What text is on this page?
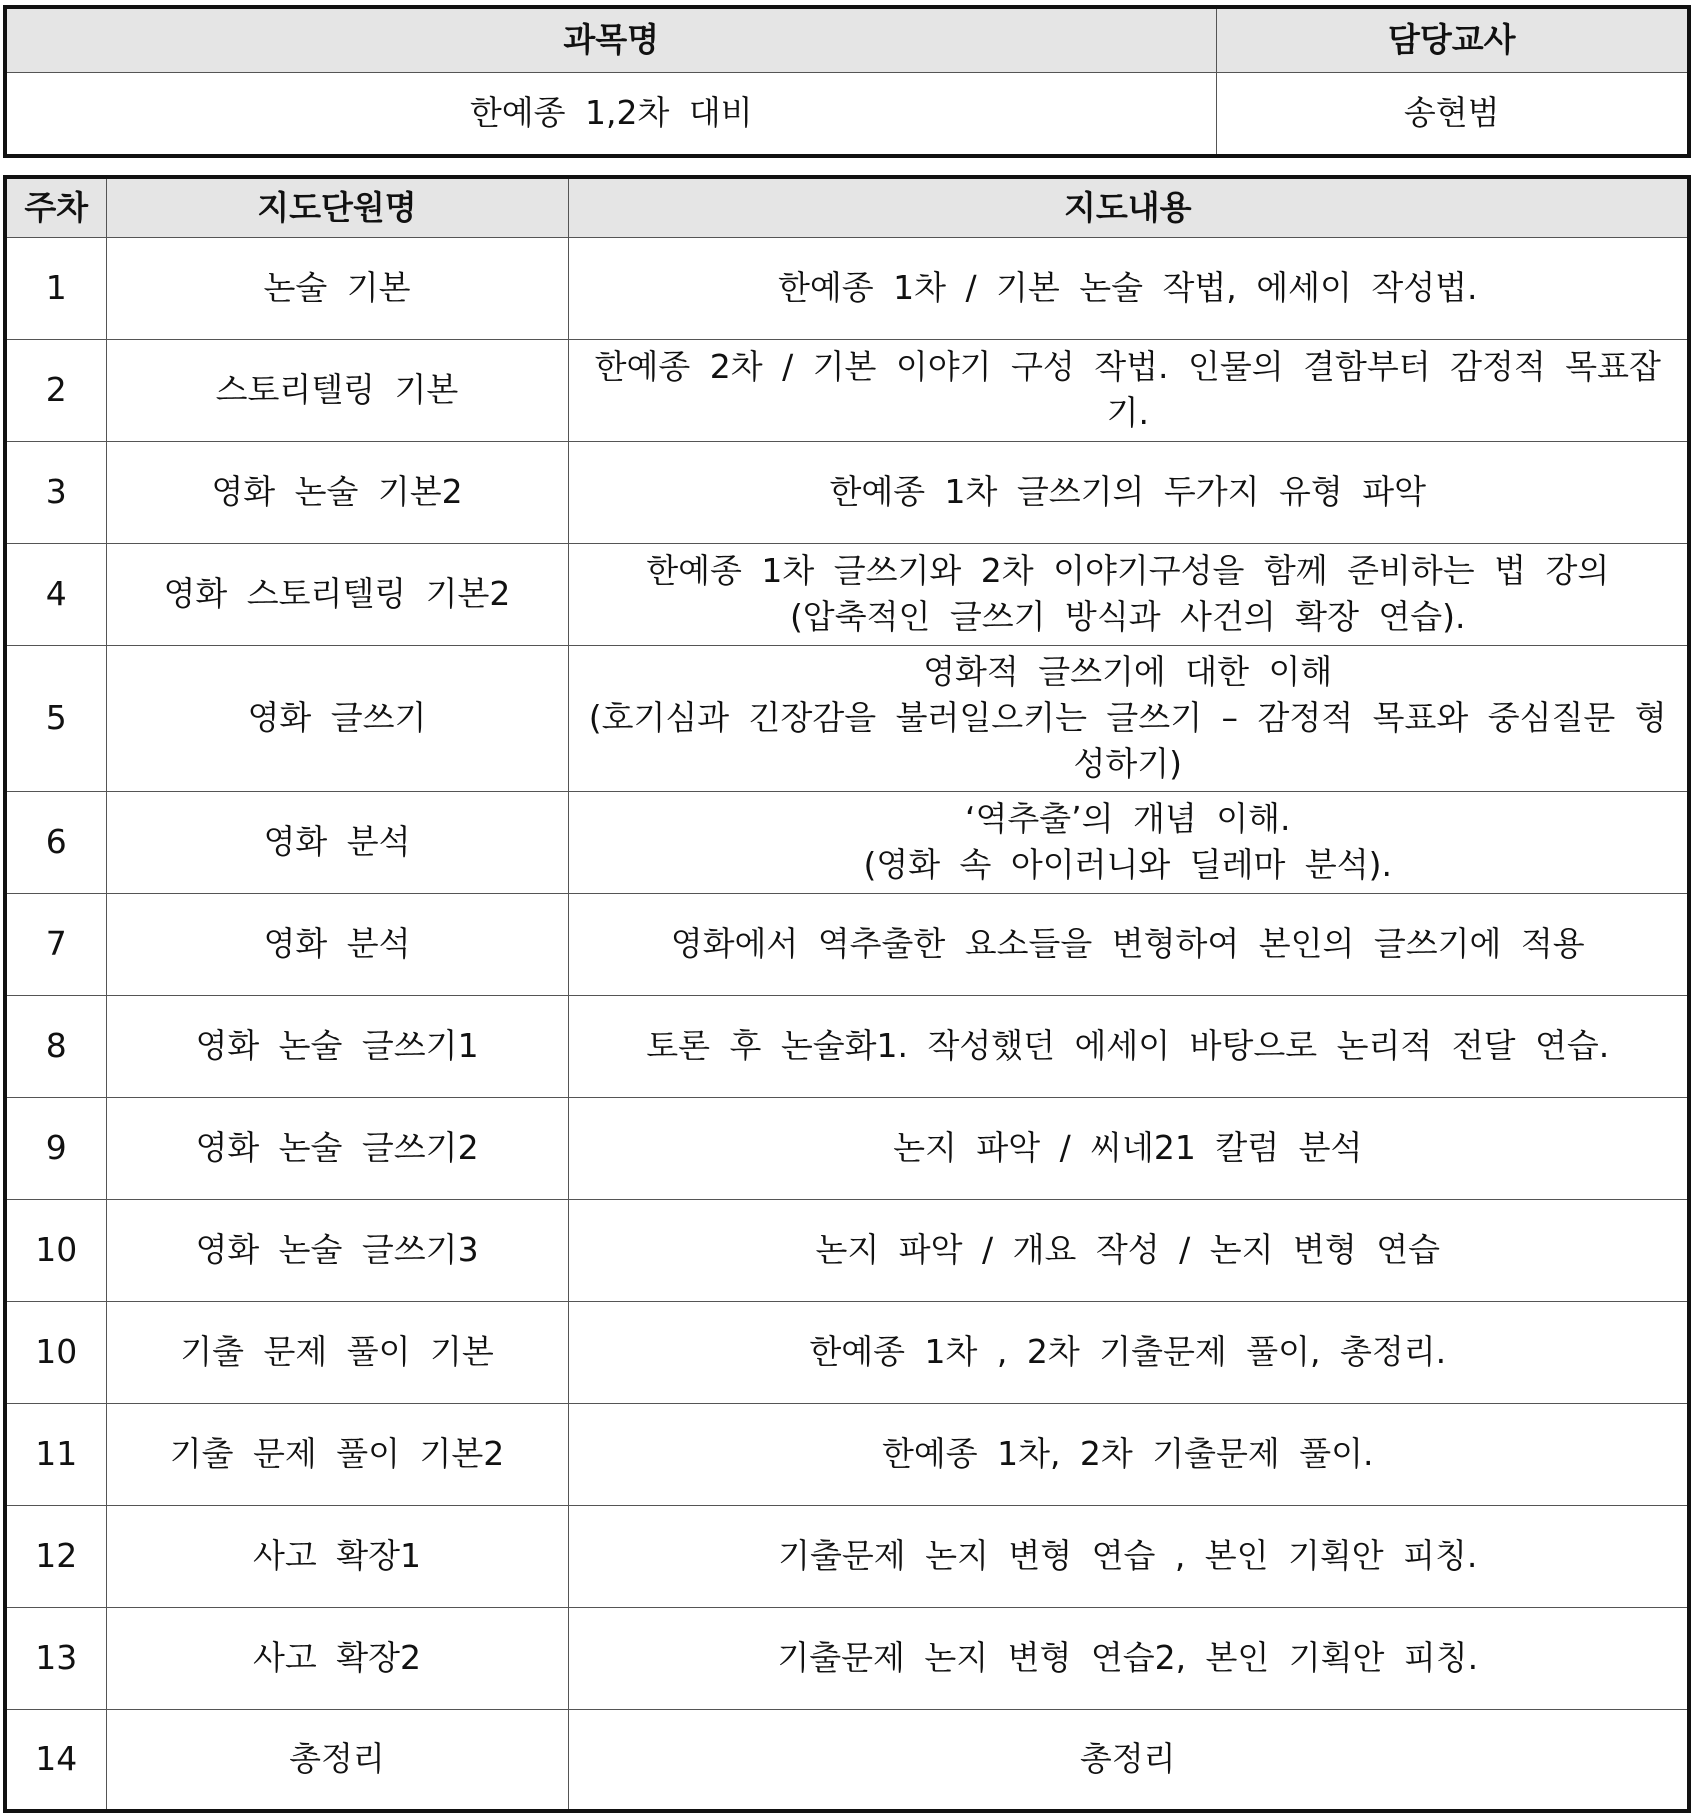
과목명	담당교사
한예종 1,2차 대비	송현범
주차	지도단원명	지도내용
1	논술 기본	한예종 1차 / 기본 논술 작법, 에세이 작성법.

2	스토리텔링 기본	한예종 2차 / 기본 이야기 구성 작법. 인물의 결함부터 감정적 목표잡기.

3	영화 논술 기본2	한예종 1차 글쓰기의 두가지 유형 파악

4	영화 스토리텔링 기본2	한예종 1차 글쓰기와 2차 이야기구성을 함께 준비하는 법 강의
(압축적인 글쓰기 방식과 사건의 확장 연습).

5	영화 글쓰기	영화적 글쓰기에 대한 이해
(호기심과 긴장감을 불러일으키는 글쓰기 – 감정적 목표와 중심질문 형성하기)

6	영화 분석	‘역추출’의 개념 이해.
(영화 속 아이러니와 딜레마 분석).

7	영화 분석	영화에서 역추출한 요소들을 변형하여 본인의 글쓰기에 적용

8	영화 논술 글쓰기1	토론 후 논술화1. 작성했던 에세이 바탕으로 논리적 전달 연습.

9	영화 논술 글쓰기2	논지 파악 / 씨네21 칼럼 분석

10	영화 논술 글쓰기3	논지 파악 / 개요 작성 / 논지 변형 연습

10	기출 문제 풀이 기본	한예종 1차 , 2차 기출문제 풀이, 총정리.

11	기출 문제 풀이 기본2	한예종 1차, 2차 기출문제 풀이.

12	사고 확장1	기출문제 논지 변형 연습 , 본인 기획안 피칭.

13	사고 확장2	기출문제 논지 변형 연습2, 본인 기획안 피칭.

14	총정리	총정리
